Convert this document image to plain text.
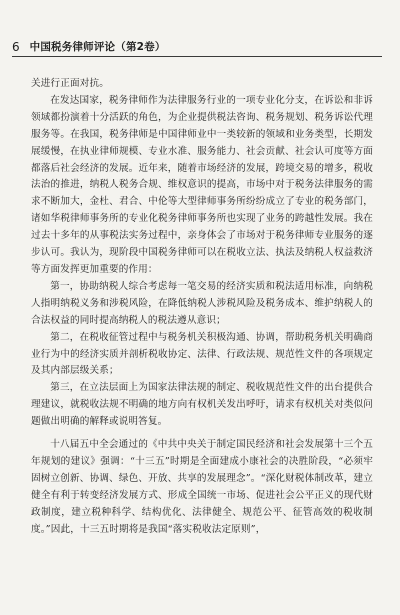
6 中国税务律师评论（第2卷）

关进行正面对抗。

在发达国家，税务律师作为法律服务行业的一项专业化分支，在诉讼和非诉领域都扮演着十分活跃的角色，为企业提供税法咨询、税务规划、税务诉讼代理服务等。在我国，税务律师是中国律师业中一类较新的领域和业务类型，长期发展缓慢，在执业律师规模、专业水准、服务能力、社会贡献、社会认可度等方面都落后社会经济的发展。近年来，随着市场经济的发展，跨境交易的增多，税收法治的推进，纳税人税务合规、维权意识的提高，市场中对于税务法律服务的需求不断加大，金杜、君合、中伦等大型律师事务所纷纷成立了专业的税务部门，诸如华税律师事务所的专业化税务律师事务所也实现了业务的跨越性发展。我在过去十多年的从事税法实务过程中，亲身体会了市场对于税务律师专业服务的逐步认可。我认为，现阶段中国税务律师可以在税收立法、执法及纳税人权益救济等方面发挥更加重要的作用：

第一，协助纳税人综合考虑每一笔交易的经济实质和税法适用标准，向纳税人指明纳税义务和涉税风险，在降低纳税人涉税风险及税务成本、维护纳税人的合法权益的同时提高纳税人的税法遵从意识；

第二，在税收征管过程中与税务机关积极沟通、协调，帮助税务机关明确商业行为中的经济实质并剖析税收协定、法律、行政法规、规范性文件的各项规定及其内部层级关系；

第三，在立法层面上为国家法律法规的制定、税收规范性文件的出台提供合理建议，就税收法规不明确的地方向有权机关发出呼吁，请求有权机关对类似问题做出明确的解释或说明答复。

十八届五中全会通过的《中共中央关于制定国民经济和社会发展第十三个五年规划的建议》强调：“十三五”时期是全面建成小康社会的决胜阶段，“必须牢固树立创新、协调、绿色、开放、共享的发展理念”。“深化财税体制改革，建立健全有利于转变经济发展方式、形成全国统一市场、促进社会公平正义的现代财政制度，建立税种科学、结构优化、法律健全、规范公平、征管高效的税收制度。”因此，十三五时期将是我国“落实税收法定原则”，
